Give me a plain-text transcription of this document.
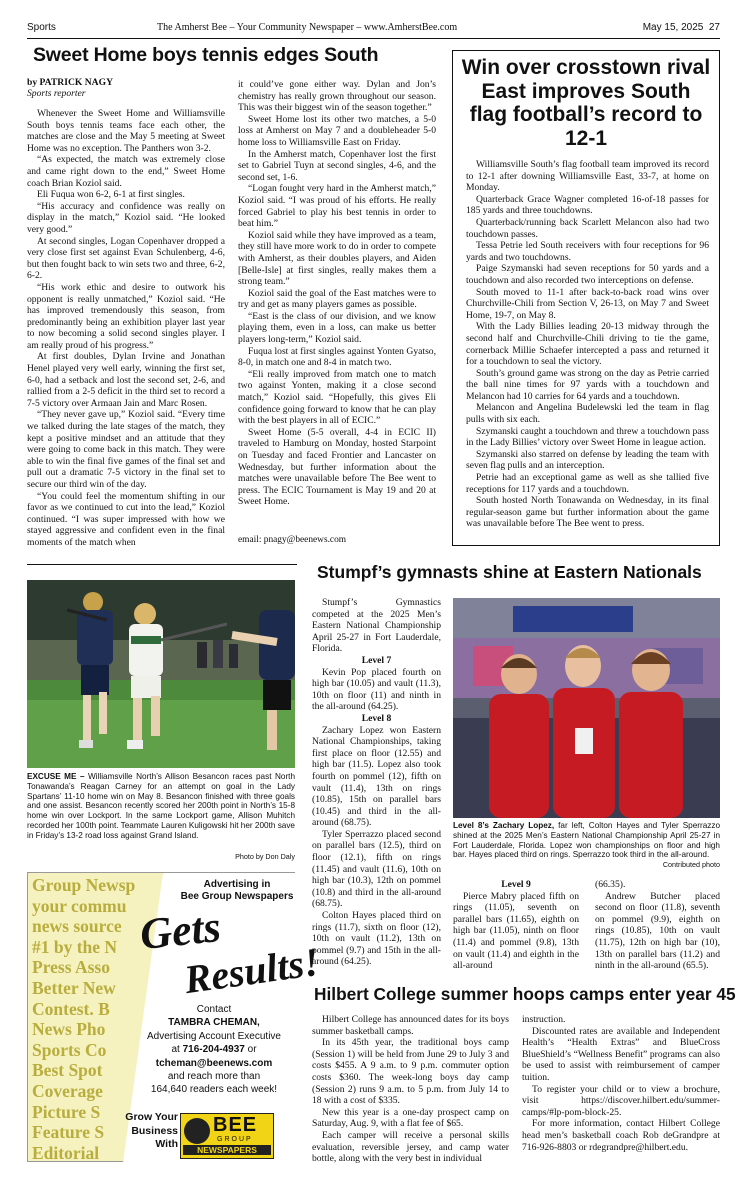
Sports	The Amherst Bee – Your Community Newspaper – www.AmherstBee.com	May 15, 2025  27
Sweet Home boys tennis edges South
by PATRICK NAGY
Sports reporter

Whenever the Sweet Home and Williamsville South boys tennis teams face each other, the matches are close and the May 5 meeting at Sweet Home was no exception. The Panthers won 3-2.

“As expected, the match was extremely close and came right down to the end,” Sweet Home coach Brian Koziol said.

Eli Fuqua won 6-2, 6-1 at first singles.

“His accuracy and confidence was really on display in the match,” Koziol said. “He looked very good.”

At second singles, Logan Copenhaver dropped a very close first set against Evan Schulenberg, 4-6, but then fought back to win sets two and three, 6-2, 6-2.

“His work ethic and desire to outwork his opponent is really unmatched,” Koziol said. “He has improved tremendously this season, from predominantly being an exhibition player last year to now becoming a solid second singles player. I am really proud of his progress.”

At first doubles, Dylan Irvine and Jonathan Henel played very well early, winning the first set, 6-0, had a setback and lost the second set, 2-6, and rallied from a 2-5 deficit in the third set to record a 7-5 victory over Armaan Jain and Marc Rosen.

“They never gave up,” Koziol said. “Every time we talked during the late stages of the match, they kept a positive mindset and an attitude that they were going to come back in this match. They were able to win the final five games of the final set and pull out a dramatic 7-5 victory in the final set to secure our third win of the day.

“You could feel the momentum shifting in our favor as we continued to cut into the lead,” Koziol continued. “I was super impressed with how we stayed aggressive and confident even in the final moments of the match when

it could’ve gone either way. Dylan and Jon’s chemistry has really grown throughout our season. This was their biggest win of the season together.”

Sweet Home lost its other two matches, a 5-0 loss at Amherst on May 7 and a doubleheader 5-0 home loss to Williamsville East on Friday.

In the Amherst match, Copenhaver lost the first set to Gabriel Tuyn at second singles, 4-6, and the second set, 1-6.

“Logan fought very hard in the Amherst match,” Koziol said. “I was proud of his efforts. He really forced Gabriel to play his best tennis in order to beat him.”

Koziol said while they have improved as a team, they still have more work to do in order to compete with Amherst, as their doubles players, and Aiden [Belle-Isle] at first singles, really makes them a strong team.”

Koziol said the goal of the East matches were to try and get as many players games as possible.

“East is the class of our division, and we know playing them, even in a loss, can make us better players long-term,” Koziol said.

Fuqua lost at first singles against Yonten Gyatso, 8-0, in match one and 8-4 in match two.

“Eli really improved from match one to match two against Yonten, making it a close second match,” Koziol said. “Hopefully, this gives Eli confidence going forward to know that he can play with the best players in all of ECIC.”

Sweet Home (5-5 overall, 4-4 in ECIC II) traveled to Hamburg on Monday, hosted Starpoint on Tuesday and faced Frontier and Lancaster on Wednesday, but further information about the matches were unavailable before The Bee went to press. The ECIC Tournament is May 19 and 20 at Sweet Home.

email: pnagy@beenews.com
Win over crosstown rival East improves South flag football’s record to 12-1

Williamsville South’s flag football team improved its record to 12-1 after downing Williamsville East, 33-7, at home on Monday.

Quarterback Grace Wagner completed 16-of-18 passes for 185 yards and three touchdowns.

Quarterback/running back Scarlett Melancon also had two touchdown passes.

Tessa Petrie led South receivers with four receptions for 96 yards and two touchdowns.

Paige Szymanski had seven receptions for 50 yards and a touchdown and also recorded two interceptions on defense.

South moved to 11-1 after back-to-back road wins over Churchville-Chili from Section V, 26-13, on May 7 and Sweet Home, 19-7, on May 8.

With the Lady Billies leading 20-13 midway through the second half and Churchville-Chili driving to tie the game, cornerback Millie Schaefer intercepted a pass and returned it for a touchdown to seal the victory.

South’s ground game was strong on the day as Petrie carried the ball nine times for 97 yards with a touchdown and Melancon had 10 carries for 64 yards and a touchdown.

Melancon and Angelina Budelewski led the team in flag pulls with six each.

Szymanski caught a touchdown and threw a touchdown pass in the Lady Billies’ victory over Sweet Home in league action.

Szymanski also starred on defense by leading the team with seven flag pulls and an interception.

Petrie had an exceptional game as well as she tallied five receptions for 117 yards and a touchdown.

South hosted North Tonawanda on Wednesday, in its final regular-season game but further information about the game was unavailable before The Bee went to press.

EXCUSE ME – Williamsville North’s Allison Besancon races past North Tonawanda’s Reagan Carney for an attempt on goal in the Lady Spartans’ 11-10 home win on May 8. Besancon finished with three goals and one assist. Besancon recently scored her 200th point in North’s 15-8 home win over Lockport. In the same Lockport game, Allison Muhitch recorded her 100th point. Teammate Lauren Kuligowski hit her 200th save in Friday’s 13-2 road loss against Grand Island.
Photo by Don Daly
Group Newsp
your commu
news source
#1 by the N
Press Asso
Better New
Contest. B
News Pho
Sports Co
Best Spot
Coverage
Picture S
Feature S
Editorial
Advertising in
Bee Group Newspapers
Gets
Results!
Contact
TAMBRA CHEMAN,
Advertising Account Executive
at 716-204-4937 or
tcheman@beenews.com
and reach more than
164,640 readers each week!
Grow Your
Business
With
BEE
GROUP
NEWSPAPERS
Stumpf’s gymnasts shine at Eastern Nationals

Stumpf’s Gymnastics competed at the 2025 Men’s Eastern National Championship April 25-27 in Fort Lauderdale, Florida.

Level 7

Kevin Pop placed fourth on high bar (10.05) and vault (11.3), 10th on floor (11) and ninth in the all-around (64.25).

Level 8

Zachary Lopez won Eastern National Championships, taking first place on floor (12.55) and high bar (11.5). Lopez also took fourth on pommel (12), fifth on vault (11.4), 13th on rings (10.85), 15th on parallel bars (10.45) and third in the all-around (68.75).

Tyler Sperrazzo placed second on parallel bars (12.5), third on floor (12.1), fifth on rings (11.45) and vault (11.6), 10th on high bar (10.3), 12th on pommel (10.8) and third in the all-around (68.75).

Colton Hayes placed third on rings (11.7), sixth on floor (12), 10th on vault (11.2), 13th on pommel (9.7) and 15th in the all-around (64.25).

Level 8’s Zachary Lopez, far left, Colton Hayes and Tyler Sperrazzo shined at the 2025 Men’s Eastern National Championship April 25-27 in Fort Lauderdale, Florida. Lopez won championships on floor and high bar. Hayes placed third on rings. Sperrazzo took third in the all-around.
Contributed photo

Level 9

Pierce Mabry placed fifth on rings (11.05), seventh on parallel bars (11.65), eighth on high bar (11.05), ninth on floor (11.4) and pommel (9.8), 13th on vault (11.4) and eighth in the all-around

(66.35).

Andrew Butcher placed second on floor (11.8), seventh on pommel (9.9), eighth on rings (10.85), 10th on vault (11.75), 12th on high bar (10), 13th on parallel bars (11.2) and ninth in the all-around (65.5).

Hilbert College summer hoops camps enter year 45

Hilbert College has announced dates for its boys summer basketball camps.

In its 45th year, the traditional boys camp (Session 1) will be held from June 29 to July 3 and costs $455. A 9 a.m. to 9 p.m. commuter option costs $360. The week-long boys day camp (Session 2) runs 9 a.m. to 5 p.m. from July 14 to 18 with a cost of $335.

New this year is a one-day prospect camp on Saturday, Aug. 9, with a flat fee of $65.

Each camper will receive a personal skills evaluation, reversible jersey, and camp water bottle, along with the very best in individual

instruction.

Discounted rates are available and Independent Health’s “Health Extras” and BlueCross BlueShield’s “Wellness Benefit” programs can also be used to assist with reimbursement of camper tuition.

To register your child or to view a brochure, visit https://discover.hilbert.edu/summer-camps/#lp-pom-block-25.

For more information, contact Hilbert College head men’s basketball coach Rob deGrandpre at 716-926-8803 or rdegrandpre@hilbert.edu.
